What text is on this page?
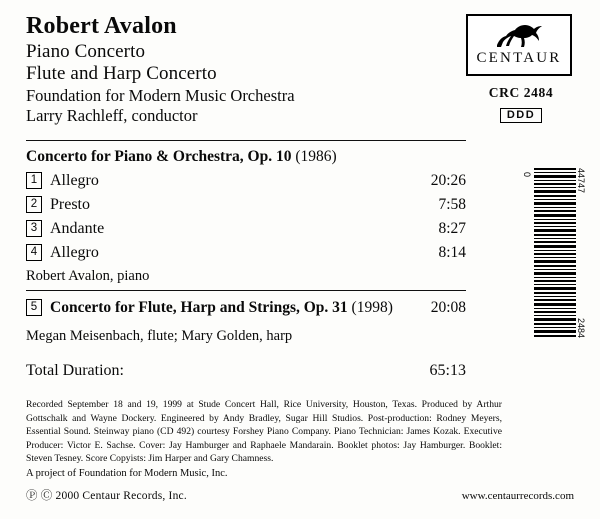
Robert Avalon
Piano Concerto
Flute and Harp Concerto
Foundation for Modern Music Orchestra
Larry Rachleff, conductor
CENTAUR
CRC 2484
DDD
Concerto for Piano & Orchestra, Op. 10 (1986)
1 Allegro	20:26
2 Presto	7:58
3 Andante	8:27
4 Allegro	8:14
Robert Avalon, piano
5 Concerto for Flute, Harp and Strings, Op. 31 (1998)	20:08
Megan Meisenbach, flute; Mary Golden, harp
Total Duration:	65:13

Recorded September 18 and 19, 1999 at Stude Concert Hall, Rice University, Houston, Texas. Produced by Arthur Gottschalk and Wayne Dockery. Engineered by Andy Bradley, Sugar Hill Studios. Post-production: Rodney Meyers, Essential Sound. Steinway piano (CD 492) courtesy Forshey Piano Company. Piano Technician: James Kozak. Executive Producer: Victor E. Sachse. Cover: Jay Hamburger and Raphaele Mandarain. Booklet photos: Jay Hamburger. Booklet: Steven Tesney. Score Copyists: Jim Harper and Gary Chamness.

A project of Foundation for Modern Music, Inc.
Ⓟ Ⓒ 2000 Centaur Records, Inc.	www.centaurrecords.com
0	44747
2484
